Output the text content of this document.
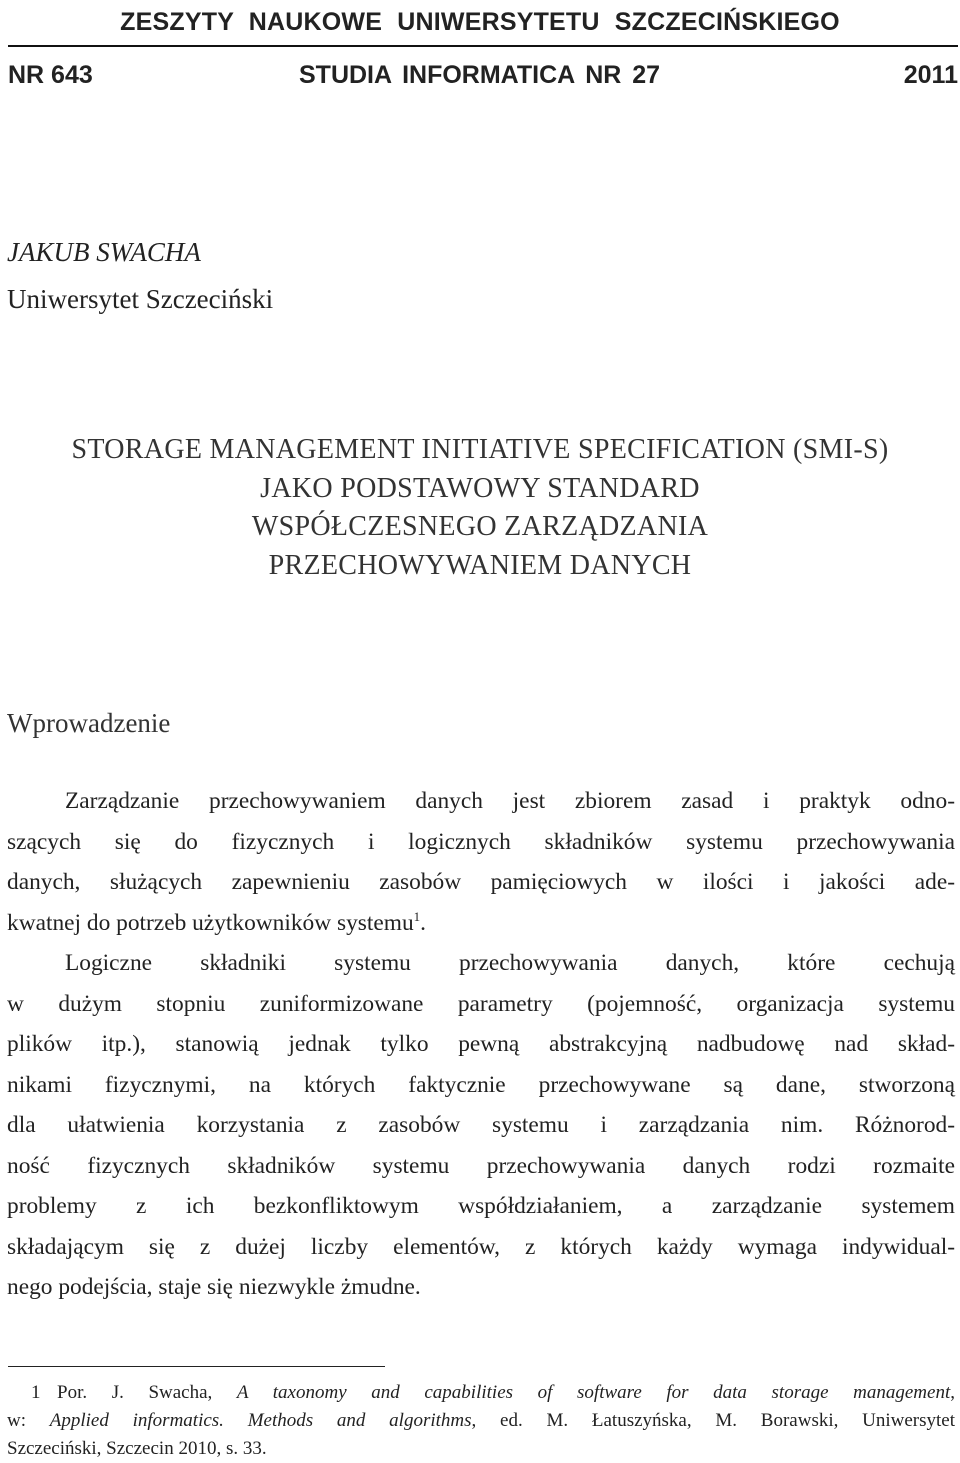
ZESZYTY NAUKOWE UNIWERSYTETU SZCZECIŃSKIEGO
NR 643	STUDIA INFORMATICA NR 27	2011
JAKUB SWACHA
Uniwersytet Szczeciński
STORAGE MANAGEMENT INITIATIVE SPECIFICATION (SMI-S)
JAKO PODSTAWOWY STANDARD
WSPÓŁCZESNEGO ZARZĄDZANIA
PRZECHOWYWANIEM DANYCH
Wprowadzenie
Zarządzanie przechowywaniem danych jest zbiorem zasad i praktyk odno-
szących się do fizycznych i logicznych składników systemu przechowywania
danych, służących zapewnieniu zasobów pamięciowych w ilości i jakości ade-
kwatnej do potrzeb użytkowników systemu$^1$.
Logiczne składniki systemu przechowywania danych, które cechują
w dużym stopniu zuniformizowane parametry (pojemność, organizacja systemu
plików itp.), stanowią jednak tylko pewną abstrakcyjną nadbudowę nad skład-
nikami fizycznymi, na których faktycznie przechowywane są dane, stworzoną
dla ułatwienia korzystania z zasobów systemu i zarządzania nim. Różnorod-
ność fizycznych składników systemu przechowywania danych rodzi rozmaite
problemy z ich bezkonfliktowym współdziałaniem, a zarządzanie systemem
składającym się z dużej liczby elementów, z których każdy wymaga indywidual-
nego podejścia, staje się niezwykle żmudne.
1 Por. J. Swacha, A taxonomy and capabilities of software for data storage management,
w: Applied informatics. Methods and algorithms, ed. M. Łatuszyńska, M. Borawski, Uniwersytet
Szczeciński, Szczecin 2010, s. 33.
